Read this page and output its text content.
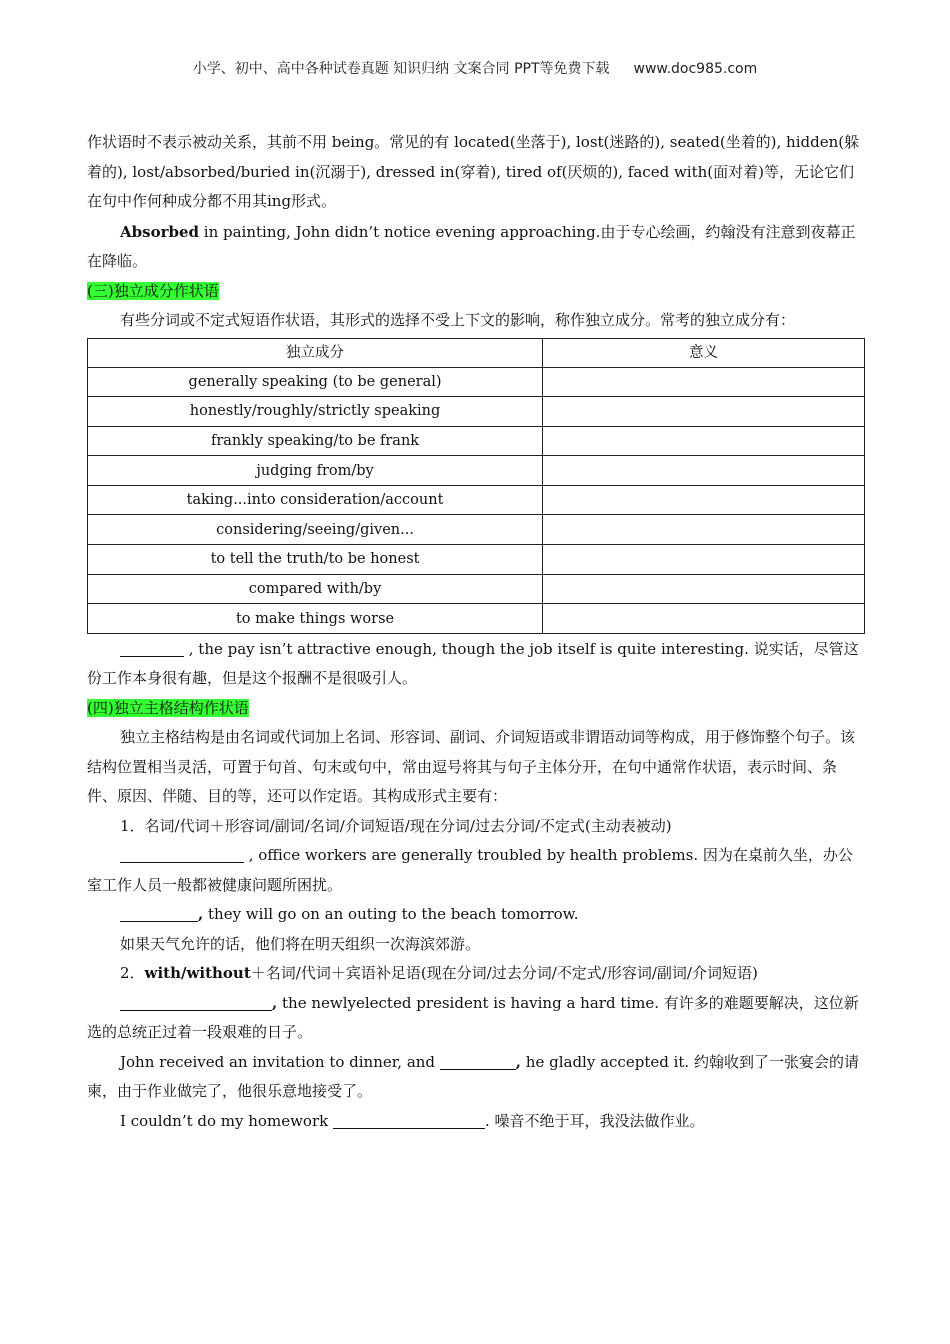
小学、初中、高中各种试卷真题 知识归纳 文案合同 PPT等免费下载 www.doc985.com

作状语时不表示被动关系，其前不用 being。常见的有 located(坐落于), lost(迷路的), seated(坐着的), hidden(躲着的), lost/absorbed/buried in(沉溺于), dressed in(穿着), tired of(厌烦的), faced with(面对着)等，无论它们在句中作何种成分都不用其ing形式。

Absorbed in painting, John didn’t notice evening approaching.由于专心绘画，约翰没有注意到夜幕正在降临。

(三)独立成分作状语

有些分词或不定式短语作状语，其形式的选择不受上下文的影响，称作独立成分。常考的独立成分有：

独立成分	意义
generally speaking (to be general)	
honestly/roughly/strictly speaking	
frankly speaking/to be frank	
judging from/by	
taking...into consideration/account	
considering/seeing/given...	
to tell the truth/to be honest	
compared with/by	
to make things worse	

, the pay isn’t attractive enough, though the job itself is quite interesting. 说实话，尽管这份工作本身很有趣，但是这个报酬不是很吸引人。

(四)独立主格结构作状语

独立主格结构是由名词或代词加上名词、形容词、副词、介词短语或非谓语动词等构成，用于修饰整个句子。该结构位置相当灵活，可置于句首、句末或句中，常由逗号将其与句子主体分开，在句中通常作状语，表示时间、条件、原因、伴随、目的等，还可以作定语。其构成形式主要有：

1．名词/代词＋形容词/副词/名词/介词短语/现在分词/过去分词/不定式(主动表被动)

, office workers are generally troubled by health problems. 因为在桌前久坐，办公室工作人员一般都被健康问题所困扰。

, they will go on an outing to the beach tomorrow.

如果天气允许的话，他们将在明天组织一次海滨郊游。

2．with/without＋名词/代词＋宾语补足语(现在分词/过去分词/不定式/形容词/副词/介词短语)

, the newlyelected president is having a hard time. 有许多的难题要解决，这位新选的总统正过着一段艰难的日子。

John received an invitation to dinner, and	, he gladly accepted it. 约翰收到了一张宴会的请柬，由于作业做完了，他很乐意地接受了。

I couldn’t do my homework	. 噪音不绝于耳，我没法做作业。
